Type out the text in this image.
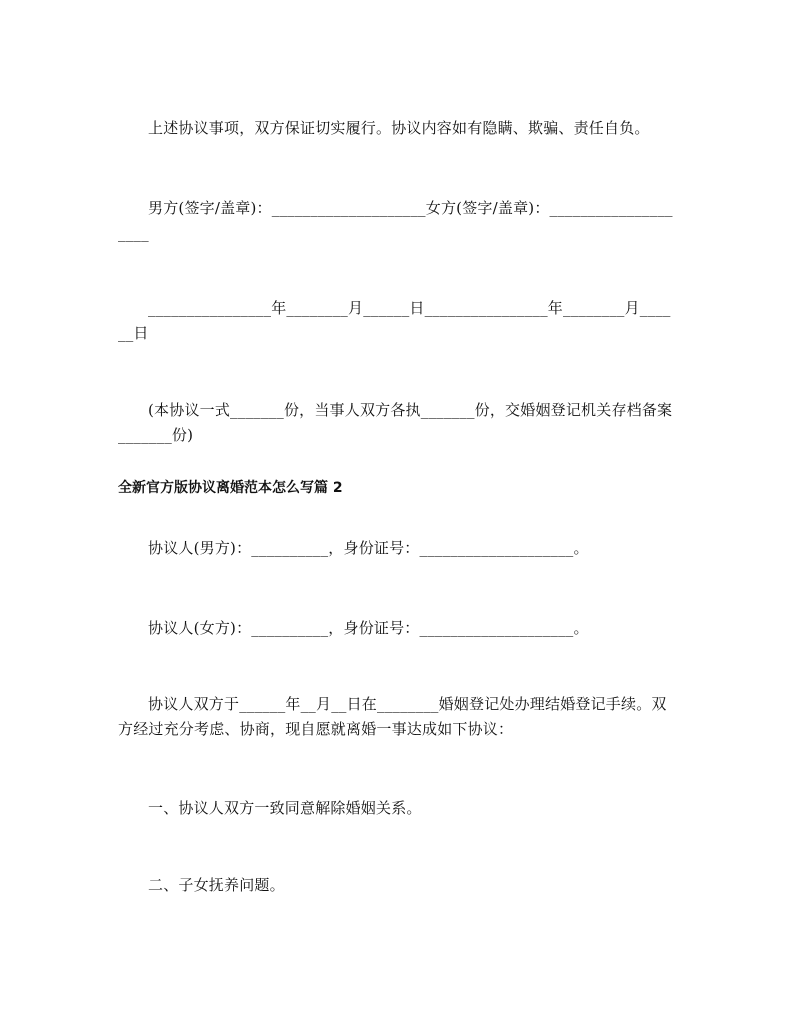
上述协议事项，双方保证切实履行。协议内容如有隐瞒、欺骗、责任自负。
男方(签字/盖章)：____________________女方(签字/盖章)：____________________
________________年________月______日________________年________月______日
(本协议一式_______份，当事人双方各执_______份，交婚姻登记机关存档备案_______份)
全新官方版协议离婚范本怎么写篇 2
协议人(男方)：__________，身份证号：____________________。
协议人(女方)：__________，身份证号：____________________。
协议人双方于______年__月__日在________婚姻登记处办理结婚登记手续。双方经过充分考虑、协商，现自愿就离婚一事达成如下协议：
一、协议人双方一致同意解除婚姻关系。
二、子女抚养问题。
